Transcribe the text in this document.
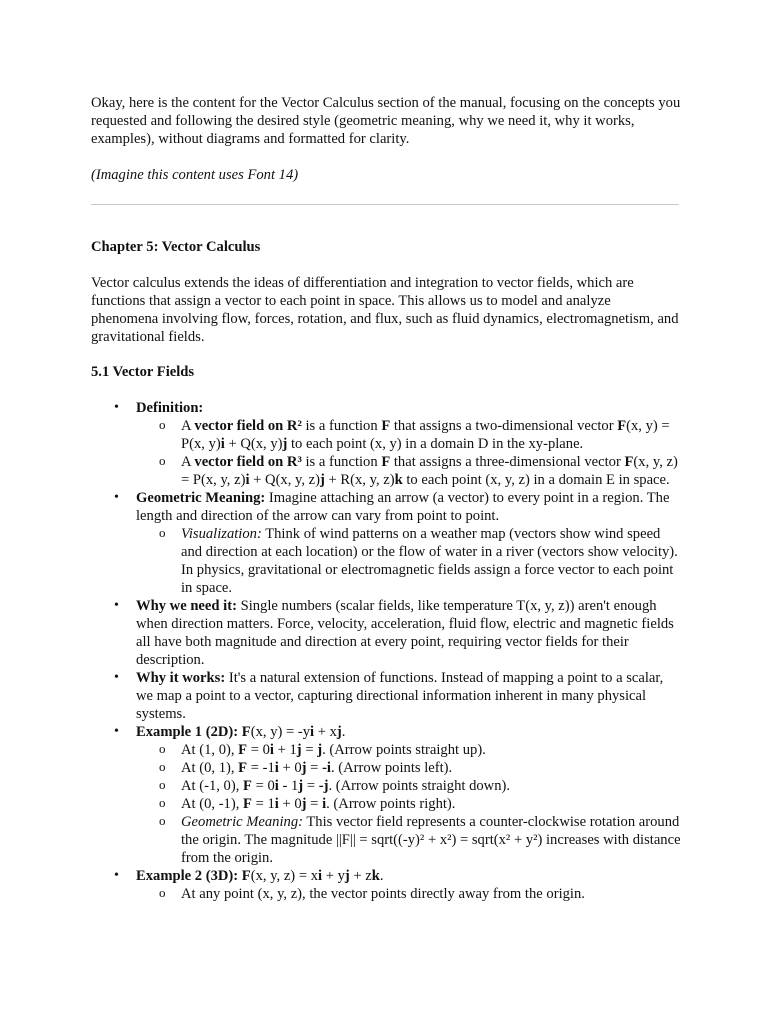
Okay, here is the content for the Vector Calculus section of the manual, focusing on the concepts you requested and following the desired style (geometric meaning, why we need it, why it works, examples), without diagrams and formatted for clarity.

(Imagine this content uses Font 14)

Chapter 5: Vector Calculus

Vector calculus extends the ideas of differentiation and integration to vector fields, which are functions that assign a vector to each point in space. This allows us to model and analyze phenomena involving flow, forces, rotation, and flux, such as fluid dynamics, electromagnetism, and gravitational fields.

5.1 Vector Fields

• Definition:
o A vector field on R² is a function F that assigns a two-dimensional vector F(x, y) = P(x, y)i + Q(x, y)j to each point (x, y) in a domain D in the xy-plane.
o A vector field on R³ is a function F that assigns a three-dimensional vector F(x, y, z) = P(x, y, z)i + Q(x, y, z)j + R(x, y, z)k to each point (x, y, z) in a domain E in space.
• Geometric Meaning: Imagine attaching an arrow (a vector) to every point in a region. The length and direction of the arrow can vary from point to point.
o Visualization: Think of wind patterns on a weather map (vectors show wind speed and direction at each location) or the flow of water in a river (vectors show velocity). In physics, gravitational or electromagnetic fields assign a force vector to each point in space.
• Why we need it: Single numbers (scalar fields, like temperature T(x, y, z)) aren't enough when direction matters. Force, velocity, acceleration, fluid flow, electric and magnetic fields all have both magnitude and direction at every point, requiring vector fields for their description.
• Why it works: It's a natural extension of functions. Instead of mapping a point to a scalar, we map a point to a vector, capturing directional information inherent in many physical systems.
• Example 1 (2D): F(x, y) = -yi + xj.
o At (1, 0), F = 0i + 1j = j. (Arrow points straight up).
o At (0, 1), F = -1i + 0j = -i. (Arrow points left).
o At (-1, 0), F = 0i - 1j = -j. (Arrow points straight down).
o At (0, -1), F = 1i + 0j = i. (Arrow points right).
o Geometric Meaning: This vector field represents a counter-clockwise rotation around the origin. The magnitude ||F|| = sqrt((-y)² + x²) = sqrt(x² + y²) increases with distance from the origin.
• Example 2 (3D): F(x, y, z) = xi + yj + zk.
o At any point (x, y, z), the vector points directly away from the origin.
